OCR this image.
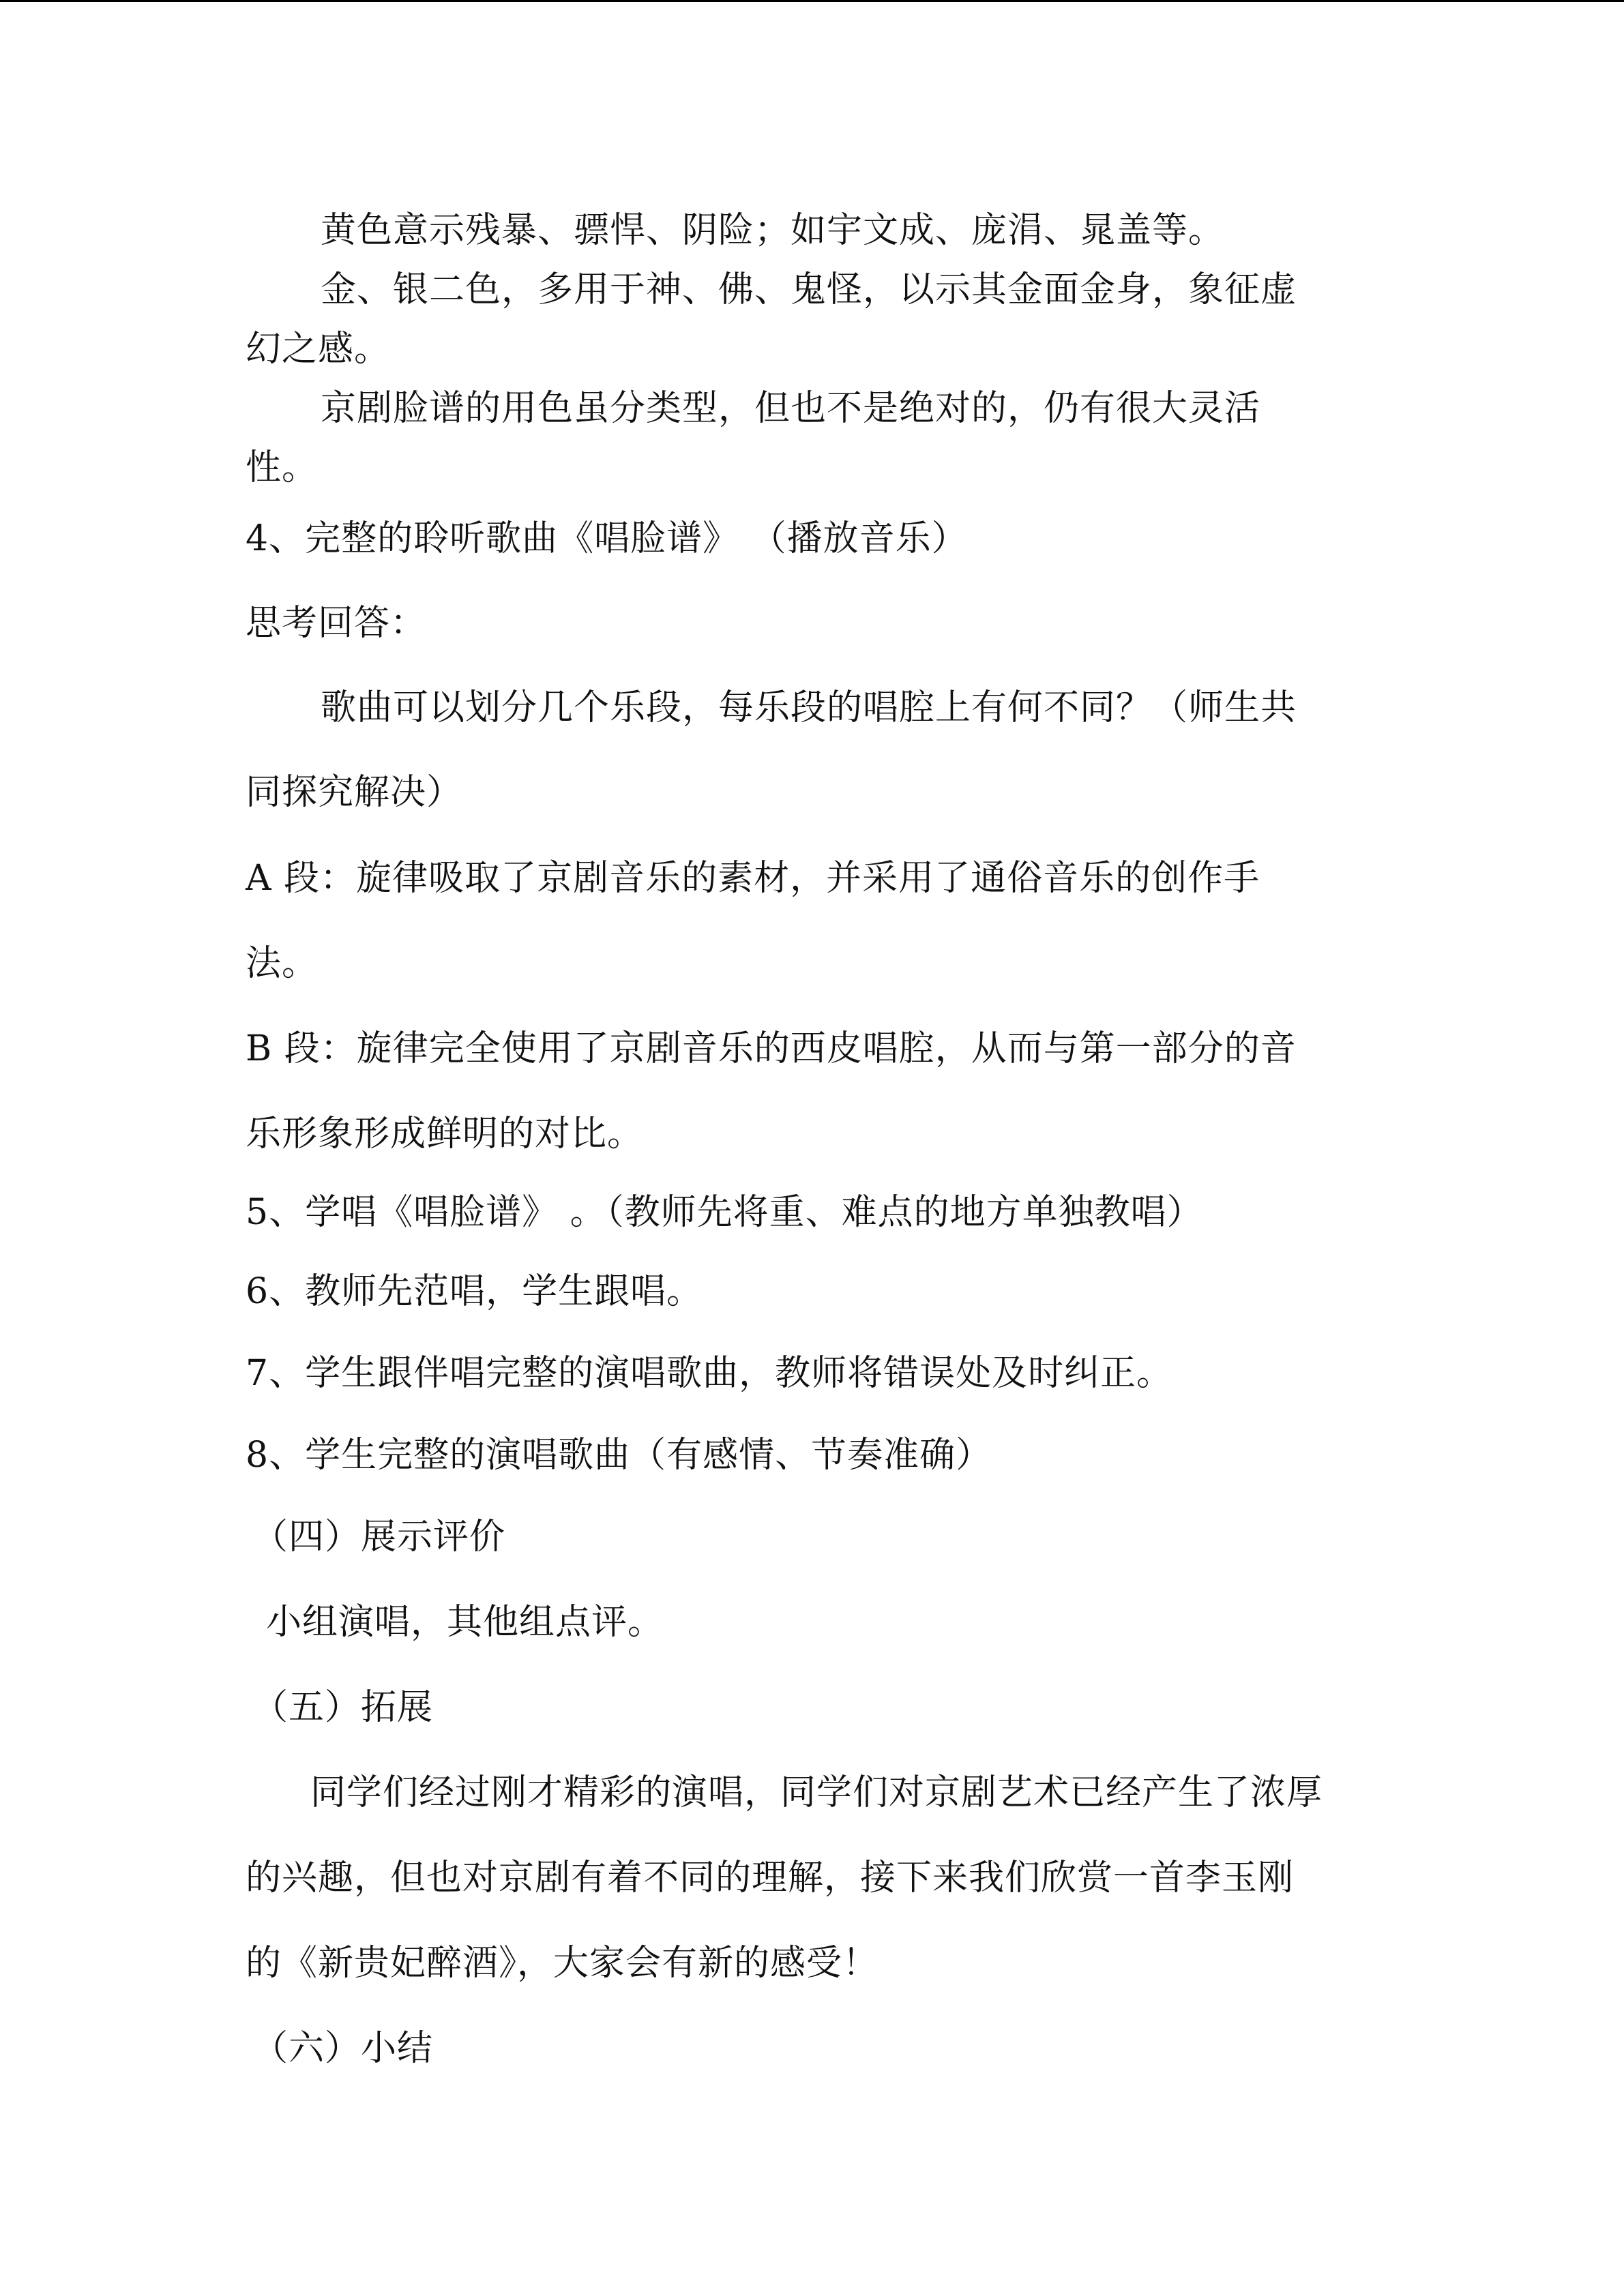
黄色意示残暴、骠悍、阴险；如宇文成、庞涓、晁盖等。
金、银二色，多用于神、佛、鬼怪，以示其金面金身，象征虚
幻之感。
京剧脸谱的用色虽分类型，但也不是绝对的，仍有很大灵活
性。
4、完整的聆听歌曲《唱脸谱》 （播放音乐）
思考回答：
歌曲可以划分几个乐段，每乐段的唱腔上有何不同？（师生共
同探究解决）
A 段：旋律吸取了京剧音乐的素材，并采用了通俗音乐的创作手
法。
B 段：旋律完全使用了京剧音乐的西皮唱腔，从而与第一部分的音
乐形象形成鲜明的对比。
5、学唱《唱脸谱》 。（教师先将重、难点的地方单独教唱）
6、教师先范唱，学生跟唱。
7、学生跟伴唱完整的演唱歌曲，教师将错误处及时纠正。
8、学生完整的演唱歌曲（有感情、节奏准确）
（四）展示评价
小组演唱，其他组点评。
（五）拓展
同学们经过刚才精彩的演唱，同学们对京剧艺术已经产生了浓厚
的兴趣，但也对京剧有着不同的理解，接下来我们欣赏一首李玉刚
的《新贵妃醉酒》，大家会有新的感受！
（六）小结
